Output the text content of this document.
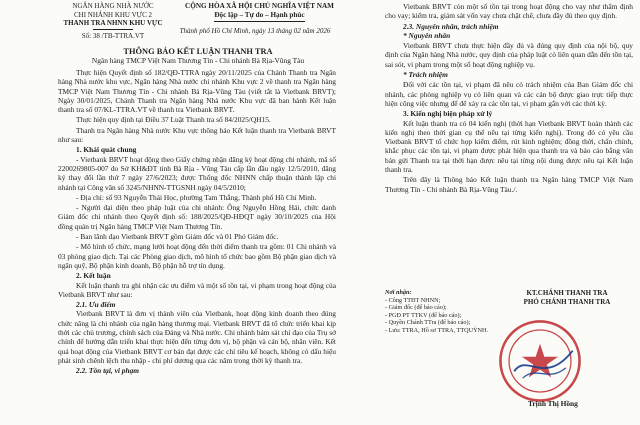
NGÂN HÀNG NHÀ NƯỚC
CHI NHÁNH KHU VỰC 2
THANH TRA NHNN KHU VỰC
Số: 38 /TB-TTRA.VT
CỘNG HÒA XÃ HỘI CHỦ NGHĨA VIỆT NAM
Độc lập – Tự do – Hạnh phúc
Thành phố Hồ Chí Minh, ngày 13 tháng 02 năm 2026
THÔNG BÁO KẾT LUẬN THANH TRA
Ngân hàng TMCP Việt Nam Thương Tín - Chi nhánh Bà Rịa-Vũng Tàu

Thực hiện Quyết định số 182/QĐ-TTRA ngày 20/11/2025 của Chánh Thanh tra Ngân hàng Nhà nước khu vực, Ngân hàng Nhà nước chi nhánh Khu vực 2 về thanh tra Ngân hàng TMCP Việt Nam Thương Tín - Chi nhánh Bà Rịa-Vũng Tàu (viết tắt là Vietbank BRVT); Ngày 30/01/2025, Chánh Thanh tra Ngân hàng Nhà nước Khu vực đã ban hành Kết luận thanh tra số 07/KL-TTRA.VT về thanh tra Vietbank BRVT.

Thực hiện quy định tại Điều 37 Luật Thanh tra số 84/2025/QH15.

Thanh tra Ngân hàng Nhà nước Khu vực thông báo Kết luận thanh tra Vietbank BRVT như sau:

1. Khái quát chung

- Vietbank BRVT hoạt động theo Giấy chứng nhận đăng ký hoạt động chi nhánh, mã số 2200269805-007 do Sở KH&ĐT tỉnh Bà Rịa - Vũng Tàu cấp lần đầu ngày 12/5/2010, đăng ký thay đổi lần thứ 7 ngày 27/6/2023; được Thống đốc NHNN chấp thuận thành lập chi nhánh tại Công văn số 3245/NHNN-TTGSNH ngày 04/5/2010;

- Địa chỉ: số 93 Nguyễn Thái Học, phường Tam Thắng, Thành phố Hồ Chí Minh.

- Người đại diện theo pháp luật của chi nhánh: Ông Nguyễn Hồng Hải, chức danh Giám đốc chi nhánh theo Quyết định số: 188/2025/QĐ-HĐQT ngày 30/10/2025 của Hội đồng quản trị Ngân hàng TMCP Việt Nam Thương Tín.

- Ban lãnh đạo Vietbank BRVT gồm Giám đốc và 01 Phó Giám đốc.

- Mô hình tổ chức, mạng lưới hoạt động đến thời điểm thanh tra gồm: 01 Chi nhánh và 03 phòng giao dịch. Tại các Phòng giao dịch, mô hình tổ chức bao gồm Bộ phận giao dịch và ngân quỹ, Bộ phận kinh doanh, Bộ phận hỗ trợ tín dụng.

2. Kết luận

Kết luận thanh tra ghi nhận các ưu điểm và một số tồn tại, vi phạm trong hoạt động của Vietbank BRVT như sau:

2.1. Ưu điểm

Vietbank BRVT là đơn vị thành viên của Vietbank, hoạt động kinh doanh theo đúng chức năng là chi nhánh của ngân hàng thương mại. Vietbank BRVT đã tổ chức triển khai kịp thời các chủ trương, chính sách của Đảng và Nhà nước. Chi nhánh bám sát chỉ đạo của Trụ sở chính để hướng dẫn triển khai thực hiện đến từng đơn vị, bộ phận và cán bộ, nhân viên. Kết quả hoạt động của Vietbank BRVT cơ bản đạt được các chỉ tiêu kế hoạch, không có dấu hiệu phát sinh chênh lệch thu nhập - chi phí dương qua các năm trong thời kỳ thanh tra.

2.2. Tồn tại, vi phạm

Vietbank BRVT còn một số tồn tại trong hoạt động cho vay như thẩm định cho vay; kiểm tra, giám sát vốn vay chưa chặt chẽ, chưa đầy đủ theo quy định.

2.3. Nguyên nhân, trách nhiệm

* Nguyên nhân

Vietbank BRVT chưa thực hiện đầy đủ và đúng quy định của nội bộ, quy định của Ngân hàng Nhà nước, quy định của pháp luật có liên quan dẫn đến tồn tại, sai sót, vi phạm trong một số hoạt động nghiệp vụ.

* Trách nhiệm

Đối với các tồn tại, vi phạm đã nêu có trách nhiệm của Ban Giám đốc chi nhánh, các phòng nghiệp vụ có liên quan và các cán bộ được giao trực tiếp thực hiện công việc nhưng để để xảy ra các tồn tại, vi phạm gắn với các thời kỳ.

3. Kiến nghị biện pháp xử lý

Kết luận thanh tra có 04 kiến nghị (thời hạn Vietbank BRVT hoàn thành các kiến nghị theo thời gian cụ thể nêu tại từng kiến nghị). Trong đó có yêu cầu Vietbank BRVT tổ chức họp kiểm điểm, rút kinh nghiệm; đồng thời, chấn chỉnh, khắc phục các tồn tại, vi phạm được phát hiện qua thanh tra và báo cáo bằng văn bản gửi Thanh tra tại thời hạn được nêu tại từng nội dung được nêu tại Kết luận thanh tra.

Trên đây là Thông báo Kết luận thanh tra Ngân hàng TMCP Việt Nam Thương Tín - Chi nhánh Bà Rịa-Vũng Tàu./.

Nơi nhận:
- Công TTĐT NHNN;
- Giám đốc (để báo cáo);
- PGĐ PT TTKV (để báo cáo);
- Quyền Chánh TTra (để báo cáo);
- Lưu: TTRA, Hồ sơ TTRA, TTQUỲNH.
KT.CHÁNH THANH TRA
PHÓ CHÁNH THANH TRA
Trịnh Thị Hồng
